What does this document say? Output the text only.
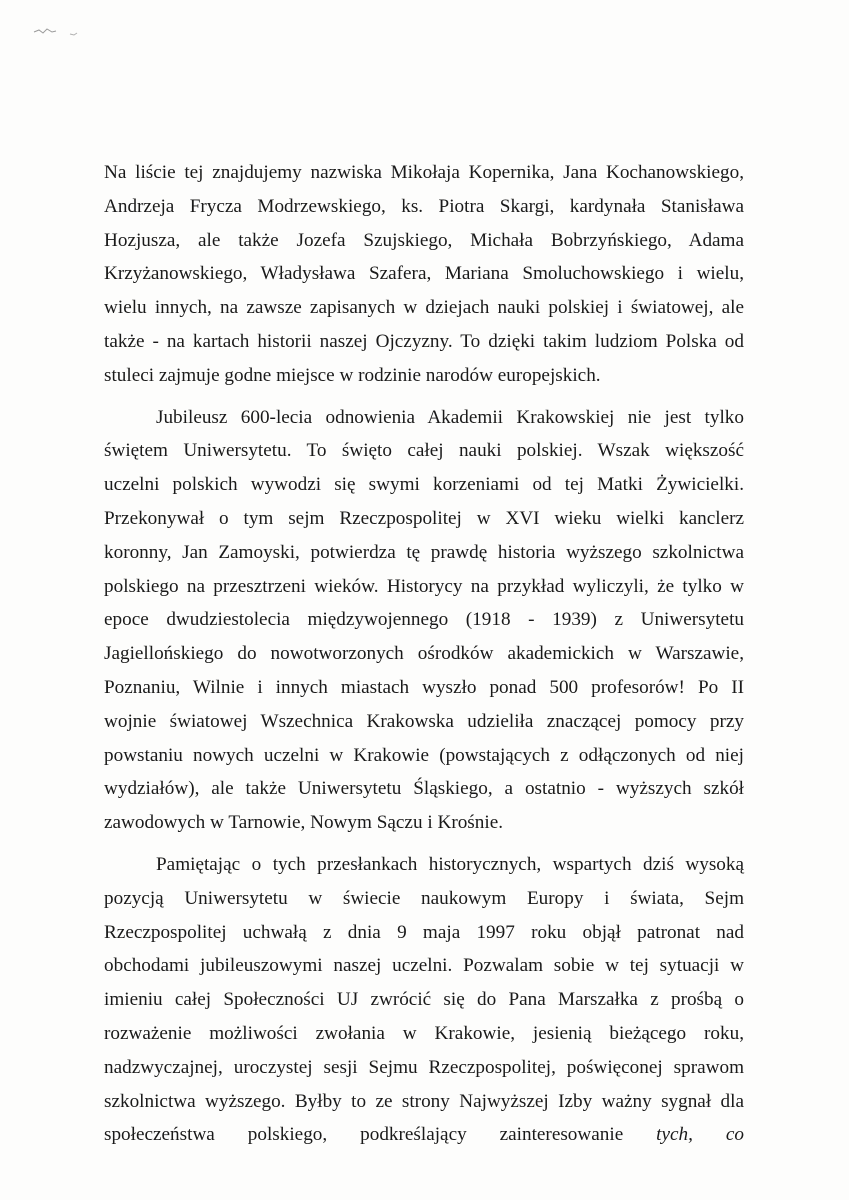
Na liście tej znajdujemy nazwiska Mikołaja Kopernika, Jana Kochanowskiego,
Andrzeja Frycza Modrzewskiego, ks. Piotra Skargi, kardynała Stanisława
Hozjusza, ale także Jozefa Szujskiego, Michała Bobrzyńskiego, Adama
Krzyżanowskiego, Władysława Szafera, Mariana Smoluchowskiego i wielu,
wielu innych, na zawsze zapisanych w dziejach nauki polskiej i światowej, ale
także - na kartach historii naszej Ojczyzny. To dzięki takim ludziom Polska od
stuleci zajmuje godne miejsce w rodzinie narodów europejskich.
Jubileusz 600-lecia odnowienia Akademii Krakowskiej nie jest tylko
świętem Uniwersytetu. To święto całej nauki polskiej. Wszak większość
uczelni polskich wywodzi się swymi korzeniami od tej Matki Żywicielki.
Przekonywał o tym sejm Rzeczpospolitej w XVI wieku wielki kanclerz
koronny, Jan Zamoyski, potwierdza tę prawdę historia wyższego szkolnictwa
polskiego na przesztrzeni wieków. Historycy na przykład wyliczyli, że tylko w
epoce dwudziestolecia międzywojennego (1918 - 1939) z Uniwersytetu
Jagiellońskiego do nowotworzonych ośrodków akademickich w Warszawie,
Poznaniu, Wilnie i innych miastach wyszło ponad 500 profesorów! Po II
wojnie światowej Wszechnica Krakowska udzieliła znaczącej pomocy przy
powstaniu nowych uczelni w Krakowie (powstających z odłączonych od niej
wydziałów), ale także Uniwersytetu Śląskiego, a ostatnio - wyższych szkół
zawodowych w Tarnowie, Nowym Sączu i Krośnie.
Pamiętając o tych przesłankach historycznych, wspartych dziś wysoką
pozycją Uniwersytetu w świecie naukowym Europy i świata, Sejm
Rzeczpospolitej uchwałą z dnia 9 maja 1997 roku objął patronat nad
obchodami jubileuszowymi naszej uczelni. Pozwalam sobie w tej sytuacji w
imieniu całej Społeczności UJ zwrócić się do Pana Marszałka z prośbą o
rozważenie możliwości zwołania w Krakowie, jesienią bieżącego roku,
nadzwyczajnej, uroczystej sesji Sejmu Rzeczpospolitej, poświęconej sprawom
szkolnictwa wyższego. Byłby to ze strony Najwyższej Izby ważny sygnał dla
społeczeństwa polskiego, podkreślający zainteresowanie tych, co
